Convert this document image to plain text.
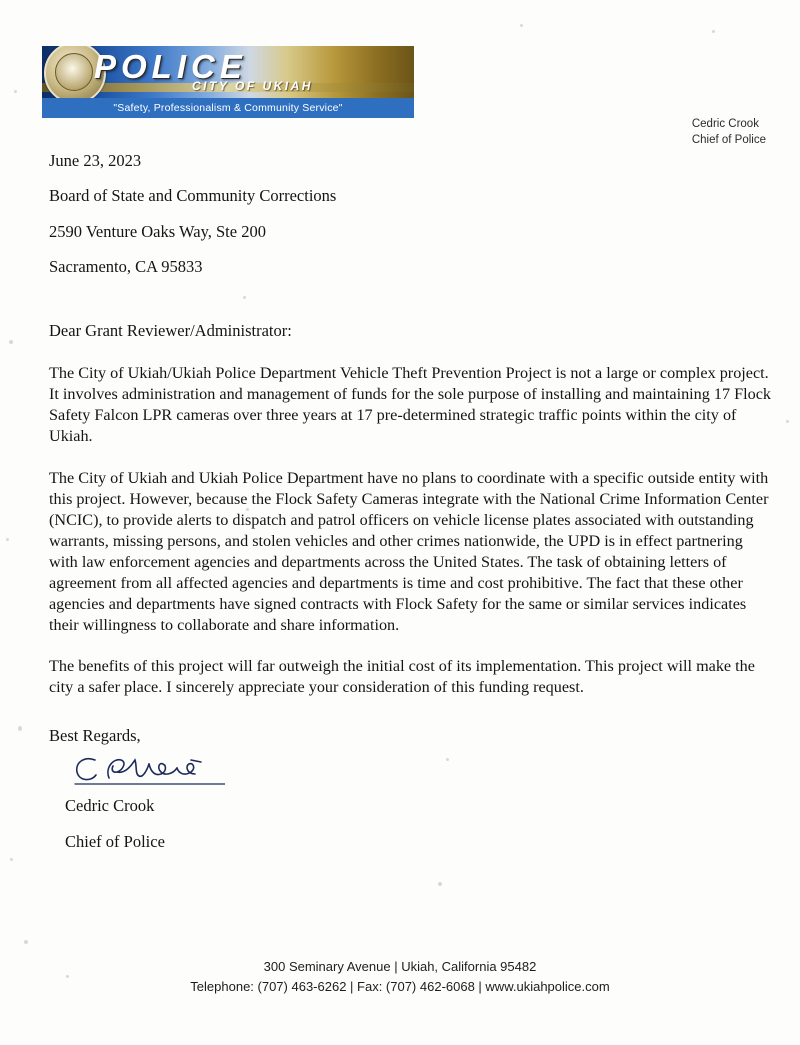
POLICE
CITY OF UKIAH
"Safety, Professionalism & Community Service"
Cedric Crook
Chief of Police
June 23, 2023
Board of State and Community Corrections
2590 Venture Oaks Way, Ste 200
Sacramento, CA 95833
Dear Grant Reviewer/Administrator:

The City of Ukiah/Ukiah Police Department Vehicle Theft Prevention Project is not a large or complex project. It involves administration and management of funds for the sole purpose of installing and maintaining 17 Flock Safety Falcon LPR cameras over three years at 17 pre-determined strategic traffic points within the city of Ukiah.

The City of Ukiah and Ukiah Police Department have no plans to coordinate with a specific outside entity with this project. However, because the Flock Safety Cameras integrate with the National Crime Information Center (NCIC), to provide alerts to dispatch and patrol officers on vehicle license plates associated with outstanding warrants, missing persons, and stolen vehicles and other crimes nationwide, the UPD is in effect partnering with law enforcement agencies and departments across the United States. The task of obtaining letters of agreement from all affected agencies and departments is time and cost prohibitive. The fact that these other agencies and departments have signed contracts with Flock Safety for the same or similar services indicates their willingness to collaborate and share information.

The benefits of this project will far outweigh the initial cost of its implementation. This project will make the city a safer place. I sincerely appreciate your consideration of this funding request.

Best Regards,
Cedric Crook
Chief of Police
300 Seminary Avenue | Ukiah, California 95482
Telephone: (707) 463-6262 | Fax: (707) 462-6068 | www.ukiahpolice.com
